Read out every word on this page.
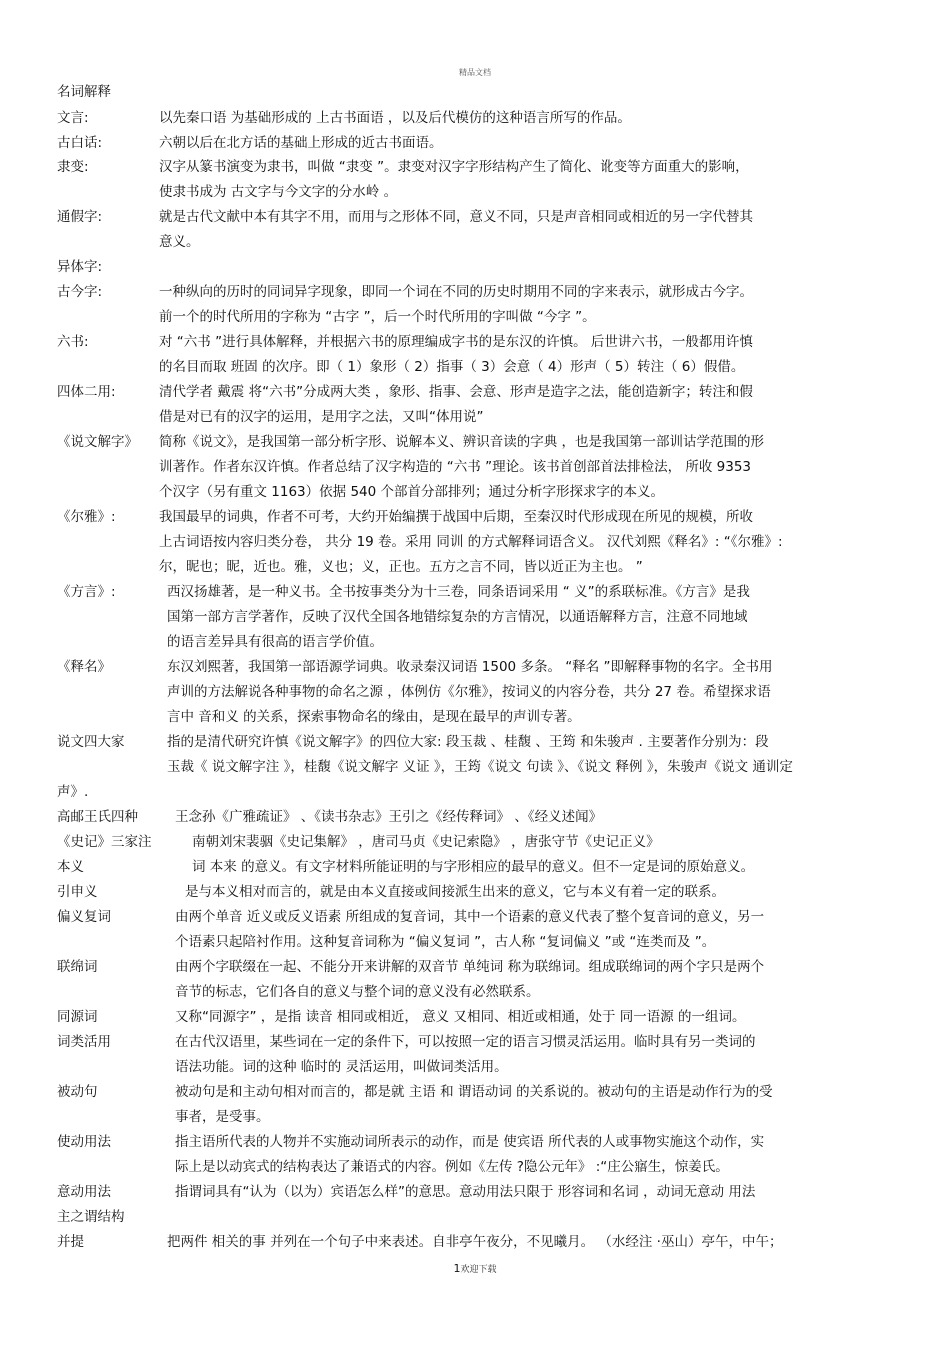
精品文档
名词解释
文言:	以先秦口语 为基础形成的 上古书面语 ，以及后代模仿的这种语言所写的作品。
古白话:	六朝以后在北方话的基础上形成的近古书面语。
隶变:	汉字从篆书演变为隶书，叫做 “隶变 ”。隶变对汉字字形结构产生了简化、讹变等方面重大的影响，
使隶书成为 古文字与今文字的分水岭 。
通假字:	就是古代文献中本有其字不用，而用与之形体不同，意义不同，只是声音相同或相近的另一字代替其
意义。
异体字:
古今字:	一种纵向的历时的同词异字现象，即同一个词在不同的历史时期用不同的字来表示，就形成古今字。
前一个的时代所用的字称为 “古字 ”，后一个时代所用的字叫做 “今字 ”。
六书:	对 “六书 ”进行具体解释，并根据六书的原理编成字书的是东汉的许慎。 后世讲六书，一般都用许慎
的名目而取 班固 的次序。即（ 1）象形（ 2）指事（ 3）会意（ 4）形声（ 5）转注（ 6）假借。
四体二用:	清代学者 戴震 将“六书”分成两大类 ，象形、指事、会意、形声是造字之法，能创造新字；转注和假
借是对已有的汉字的运用，是用字之法，又叫“体用说”
《说文解字》 简称《说文》，是我国第一部分析字形、说解本义、辨识音读的字典 ，也是我国第一部训诂学范围的形
训著作。作者东汉许慎。作者总结了汉字构造的 “六书 ”理论。该书首创部首法排检法， 所收 9353
个汉字（另有重文 1163）依据 540 个部首分部排列；通过分析字形探求字的本义。
《尔雅》:	我国最早的词典，作者不可考，大约开始编撰于战国中后期，至秦汉时代形成现在所见的规模，所收
上古词语按内容归类分卷， 共分 19 卷。采用 同训 的方式解释词语含义。 汉代刘熙《释名》: “《尔雅》:
尔，昵也；昵，近也。雅，义也；义，正也。五方之言不同，皆以近正为主也。 ”
《方言》:	西汉扬雄著，是一种义书。全书按事类分为十三卷，同条语词采用 “ 义”的系联标准。《方言》是我
国第一部方言学著作，反映了汉代全国各地错综复杂的方言情况，以通语解释方言，注意不同地域
的语言差异具有很高的语言学价值。
《释名》	东汉刘熙著，我国第一部语源学词典。收录秦汉词语 1500 多条。 “释名 ”即解释事物的名字。全书用
声训的方法解说各种事物的命名之源 ，体例仿《尔雅》，按词义的内容分卷，共分 27 卷。希望探求语
言中 音和义 的关系，探索事物命名的缘由，是现在最早的声训专著。
说文四大家	指的是清代研究许慎《说文解字》的四位大家: 段玉裁 、桂馥 、王筠 和朱骏声 . 主要著作分别为：段
玉裁《 说文解字注 》，桂馥《说文解字 义证 》，王筠《说文 句读 》、《说文 释例 》，朱骏声《说文 通训定
声》.
高邮王氏四种	王念孙《广雅疏证》 、《读书杂志》王引之《经传释词》 、《经义述闻》
《史记》三家注	南朝刘宋裴骃《史记集解》 ，唐司马贞《史记索隐》 ，唐张守节《史记正义》
本义	词 本来 的意义。有文字材料所能证明的与字形相应的最早的意义。但不一定是词的原始意义。
引申义	是与本义相对而言的，就是由本义直接或间接派生出来的意义，它与本义有着一定的联系。
偏义复词	由两个单音 近义或反义语素 所组成的复音词，其中一个语素的意义代表了整个复音词的意义，另一
个语素只起陪衬作用。这种复音词称为 “偏义复词 ”，古人称 “复词偏义 ”或 “连类而及 ”。
联绵词	由两个字联缀在一起、不能分开来讲解的双音节 单纯词 称为联绵词。组成联绵词的两个字只是两个
音节的标志，它们各自的意义与整个词的意义没有必然联系。
同源词	又称“同源字” ，是指 读音 相同或相近， 意义 又相同、相近或相通，处于 同一语源 的一组词。
词类活用	在古代汉语里，某些词在一定的条件下，可以按照一定的语言习惯灵活运用。临时具有另一类词的
语法功能。词的这种 临时的 灵活运用，叫做词类活用。
被动句	被动句是和主动句相对而言的，都是就 主语 和 谓语动词 的关系说的。被动句的主语是动作行为的受
事者，是受事。
使动用法	指主语所代表的人物并不实施动词所表示的动作，而是 使宾语 所代表的人或事物实施这个动作，实
际上是以动宾式的结构表达了兼语式的内容。例如《左传 ?隐公元年》 :“庄公寤生，惊姜氏。
意动用法	指谓词具有“认为（以为）宾语怎么样”的意思。意动用法只限于 形容词和名词 ，动词无意动 用法
主之谓结构
并提	把两件 相关的事 并列在一个句子中来表述。自非亭午夜分，不见曦月。 （水经注 ·巫山）亭午，中午；
1欢迎下载
